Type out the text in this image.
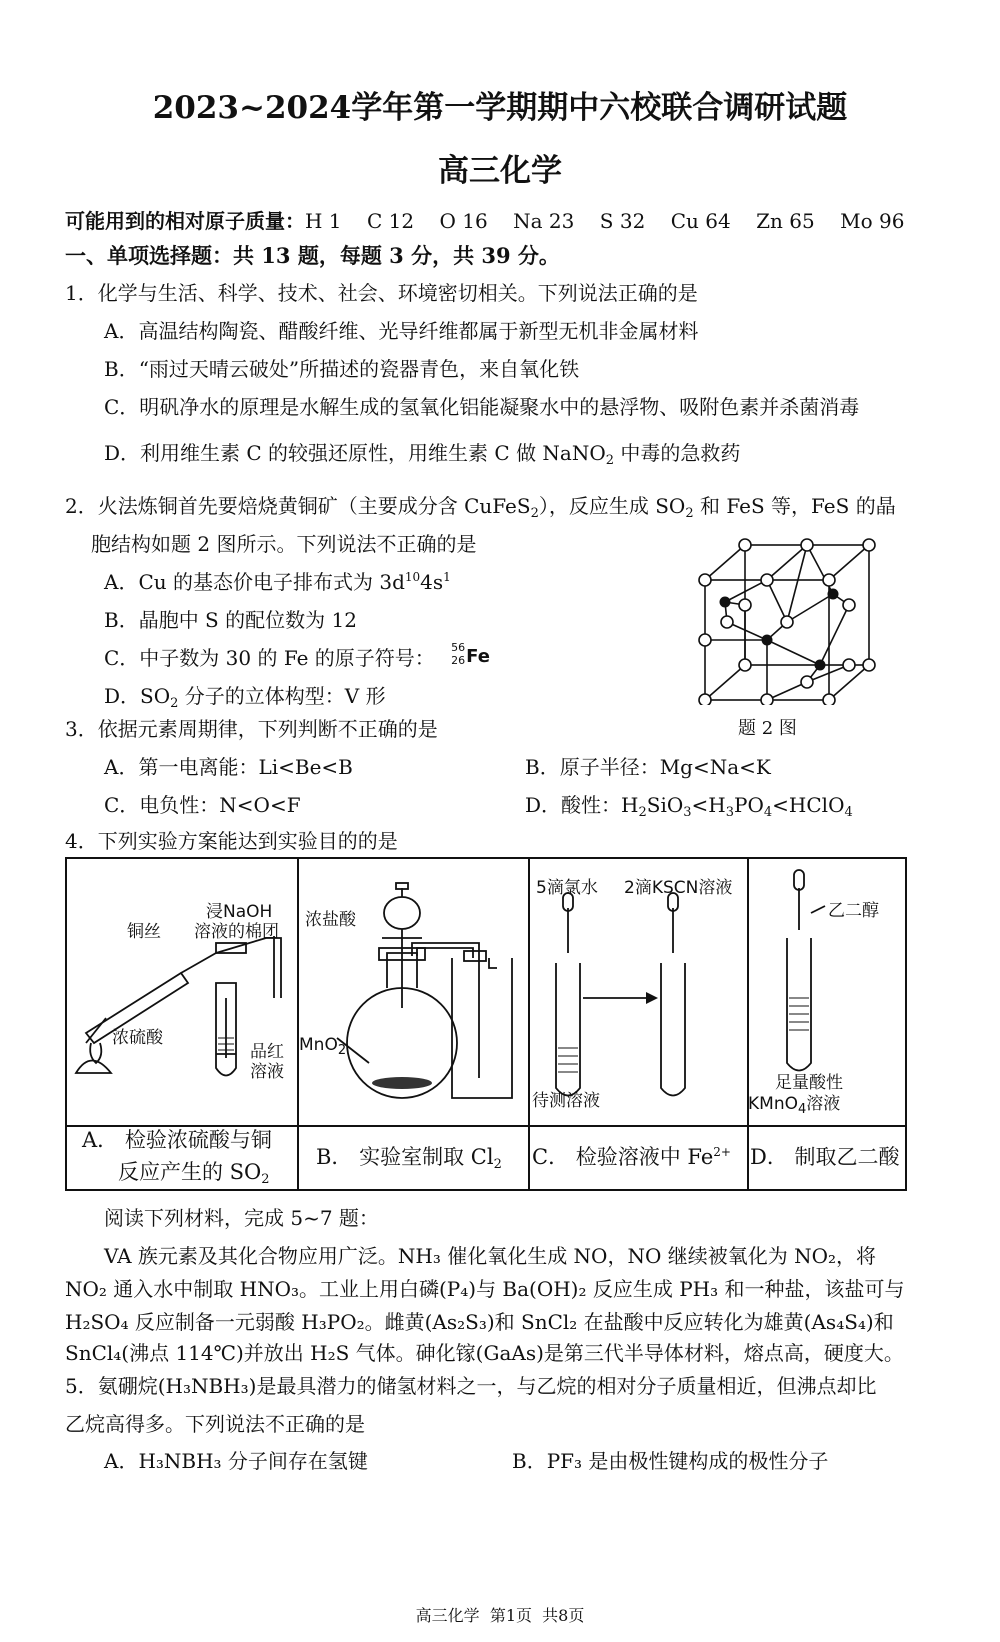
2023~2024学年第一学期期中六校联合调研试题
高三化学
可能用到的相对原子质量：H 1    C 12    O 16    Na 23    S 32    Cu 64    Zn 65    Mo 96
一、单项选择题：共 13 题，每题 3 分，共 39 分。
1．化学与生活、科学、技术、社会、环境密切相关。下列说法正确的是
A．高温结构陶瓷、醋酸纤维、光导纤维都属于新型无机非金属材料
B．“雨过天晴云破处”所描述的瓷器青色，来自氧化铁
C．明矾净水的原理是水解生成的氢氧化铝能凝聚水中的悬浮物、吸附色素并杀菌消毒
D．利用维生素 C 的较强还原性，用维生素 C 做 NaNO$_2$ 中毒的急救药
2．火法炼铜首先要焙烧黄铜矿（主要成分含 CuFeS$_2$），反应生成 $SO_2$ 和 FeS 等，FeS 的晶
胞结构如题 2 图所示。下列说法不正确的是
A．Cu 的基态价电子排布式为 $3d^{10}4s^1$
B．晶胞中 S 的配位数为 12
C．中子数为 30 的 Fe 的原子符号： 56
26 Fe
D．$SO_2$ 分子的立体构型：V 形
题 2 图
3．依据元素周期律，下列判断不正确的是
A．第一电离能：Li<Be<B	B．原子半径：Mg<Na<K
C．电负性：N<O<F	D．酸性：$H_2SiO_3<H_3PO_4<HClO_4$
4．下列实验方案能达到实验目的的是
浸NaOH
溶液的棉团
铜丝
浓硫酸
品红
溶液
A． 检验浓硫酸与铜
反应产生的 $SO_2$
浓盐酸
MnO$_2$
B． 实验室制取 $Cl_2$
5滴氯水 2滴KSCN溶液
待测溶液
C． 检验溶液中 $Fe^{2+}$
乙二醇
足量酸性
KMnO$_4$溶液
D． 制取乙二酸
阅读下列材料，完成 5~7 题：
VA 族元素及其化合物应用广泛。NH₃ 催化氧化生成 NO，NO 继续被氧化为 NO₂，将
NO₂ 通入水中制取 HNO₃。工业上用白磷(P₄)与 Ba(OH)₂ 反应生成 PH₃ 和一种盐，该盐可与
H₂SO₄ 反应制备一元弱酸 H₃PO₂。雌黄(As₂S₃)和 SnCl₂ 在盐酸中反应转化为雄黄(As₄S₄)和
SnCl₄(沸点 114℃)并放出 H₂S 气体。砷化镓(GaAs)是第三代半导体材料，熔点高，硬度大。
5．氨硼烷(H₃NBH₃)是最具潜力的储氢材料之一，与乙烷的相对分子质量相近，但沸点却比
乙烷高得多。下列说法不正确的是
A．H₃NBH₃ 分子间存在氢键	B．PF₃ 是由极性键构成的极性分子
高三化学  第1页  共8页
